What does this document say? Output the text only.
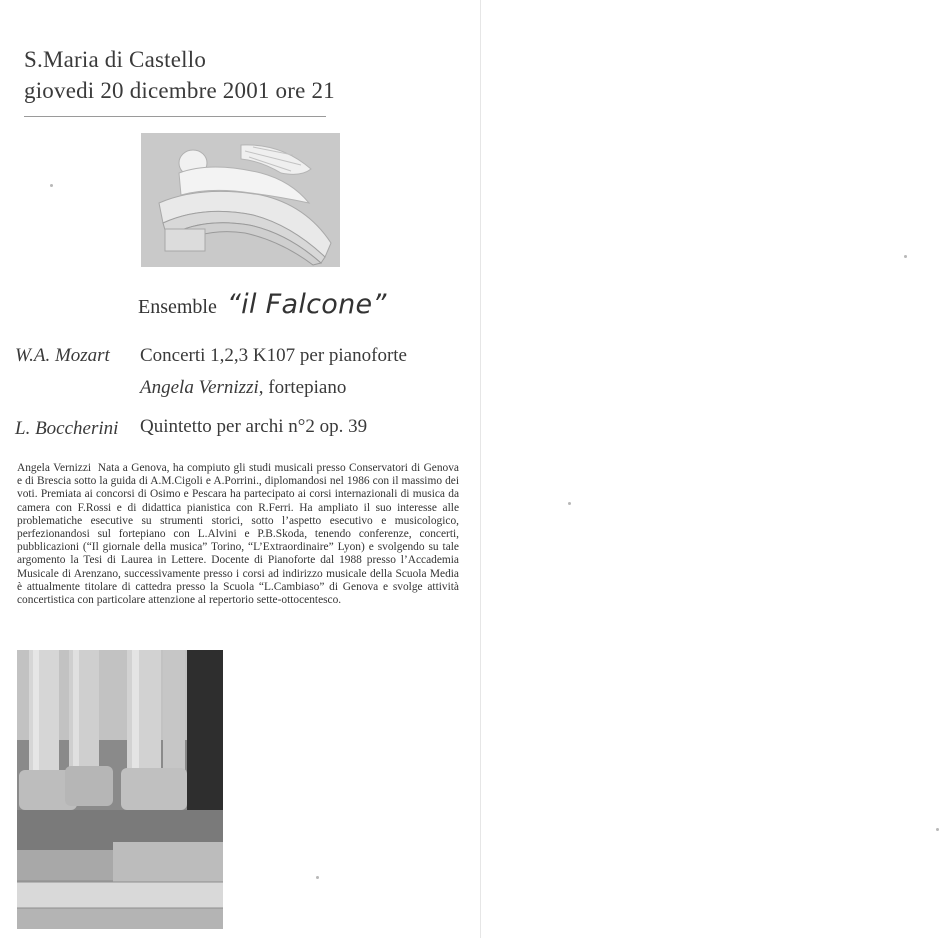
S.Maria di Castello
giovedi 20 dicembre 2001 ore 21
Ensemble “il Falcone”
W.A. Mozart Concerti 1,2,3 K107 per pianoforte
Angela Vernizzi, fortepiano
L. Boccherini Quintetto per archi n°2 op. 39
Angela Vernizzi Nata a Genova, ha compiuto gli studi musicali presso Conservatori di Genova e di Brescia sotto la guida di A.M.Cigoli e A.Porrini., diplomandosi nel 1986 con il massimo dei voti. Premiata ai concorsi di Osimo e Pescara ha partecipato ai corsi internazionali di musica da camera con F.Rossi e di didattica pianistica con R.Ferri. Ha ampliato il suo interesse alle problematiche esecutive su strumenti storici, sotto l’aspetto esecutivo e musicologico, perfezionandosi sul fortepiano con L.Alvini e P.B.Skoda, tenendo conferenze, concerti, pubblicazioni (“Il giornale della musica” Torino, “L’Extraordinaire” Lyon) e svolgendo su tale argomento la Tesi di Laurea in Lettere. Docente di Pianoforte dal 1988 presso l’Accademia Musicale di Arenzano, successivamente presso i corsi ad indirizzo musicale della Scuola Media è attualmente titolare di cattedra presso la Scuola “L.Cambiaso” di Genova e svolge attività concertistica con particolare attenzione al repertorio sette-ottocentesco.
